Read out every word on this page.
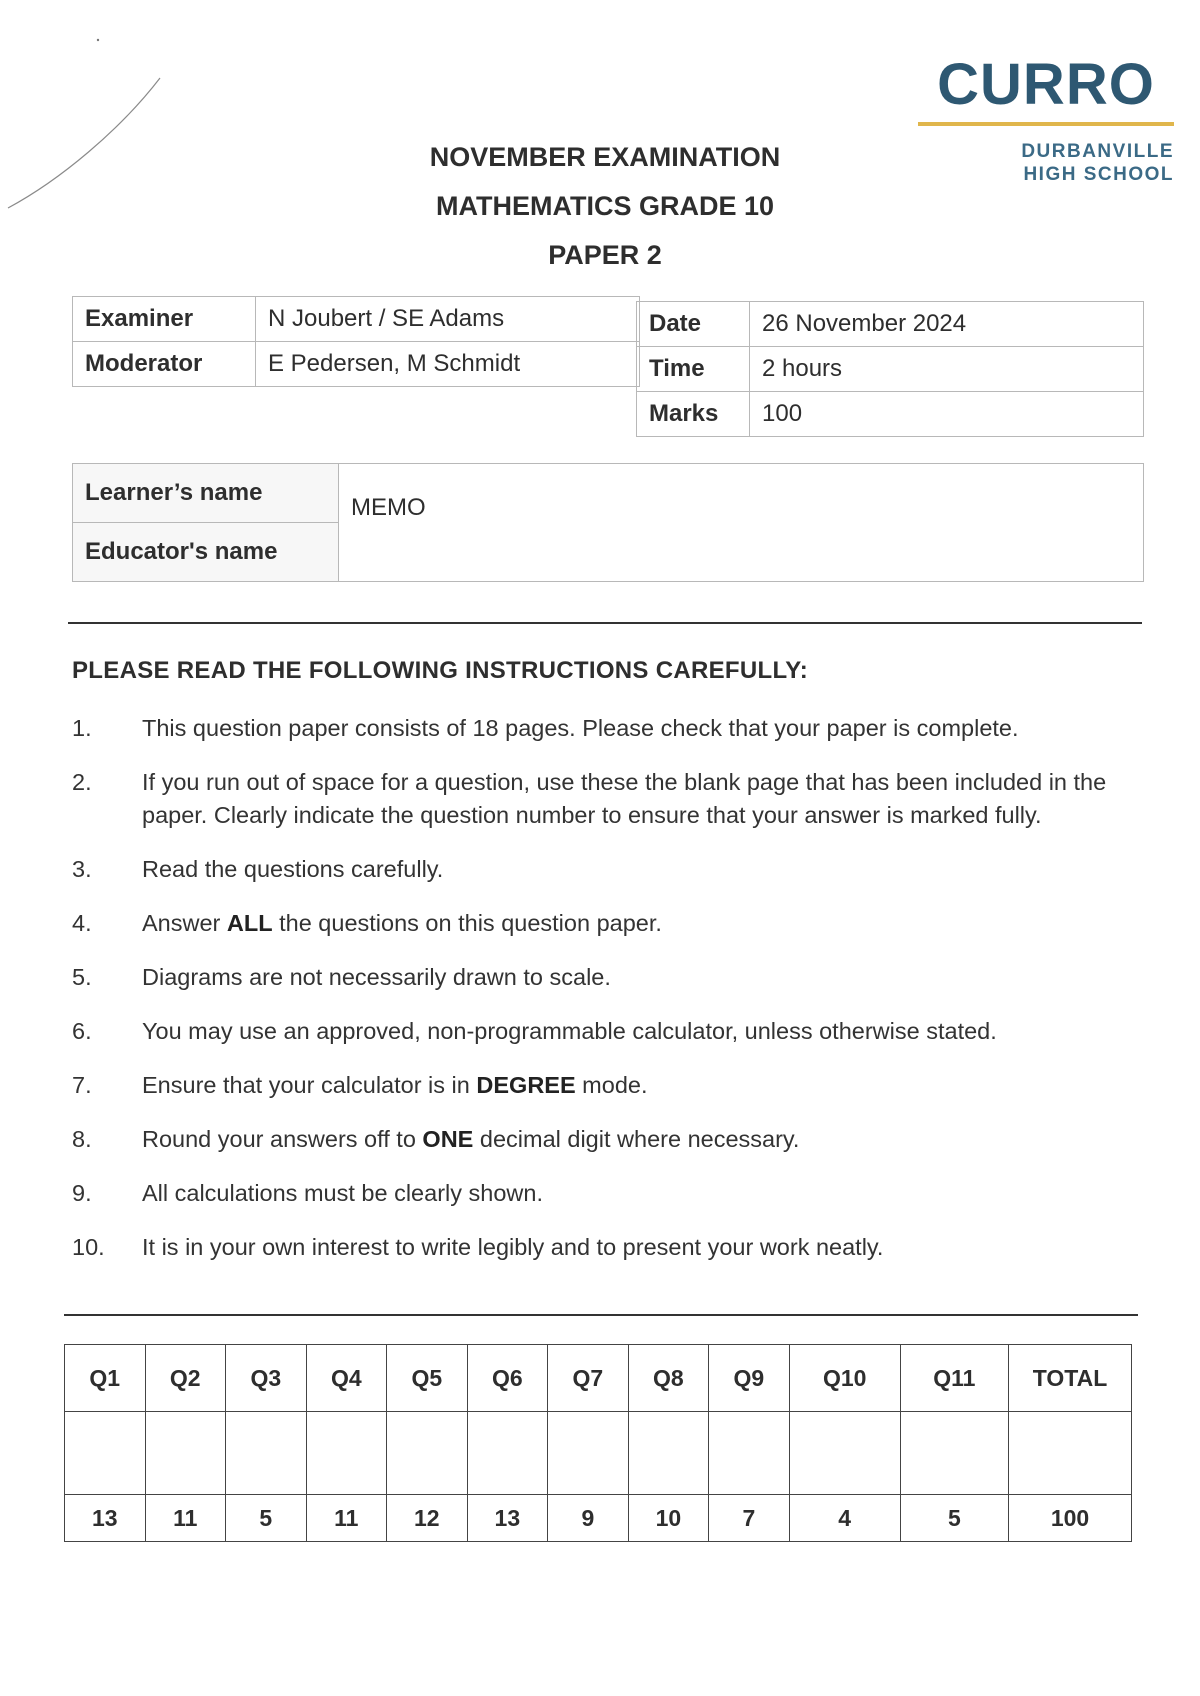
CURRO
DURBANVILLE
HIGH SCHOOL
NOVEMBER EXAMINATION
MATHEMATICS GRADE 10
PAPER 2
Examiner	N Joubert / SE Adams
Moderator	E Pedersen, M Schmidt
Date	26 November 2024
Time	2 hours
Marks	100
Learner’s name	MEMO
Educator's name
PLEASE READ THE FOLLOWING INSTRUCTIONS CAREFULLY:
1. This question paper consists of 18 pages. Please check that your paper is complete.
2. If you run out of space for a question, use these the blank page that has been included in the paper. Clearly indicate the question number to ensure that your answer is marked fully.
3. Read the questions carefully.
4. Answer ALL the questions on this question paper.
5. Diagrams are not necessarily drawn to scale.
6. You may use an approved, non-programmable calculator, unless otherwise stated.
7. Ensure that your calculator is in DEGREE mode.
8. Round your answers off to ONE decimal digit where necessary.
9. All calculations must be clearly shown.
10. It is in your own interest to write legibly and to present your work neatly.
Q1	Q2	Q3	Q4	Q5	Q6	Q7	Q8	Q9	Q10	Q11	TOTAL

13	11	5	11	12	13	9	10	7	4	5	100
